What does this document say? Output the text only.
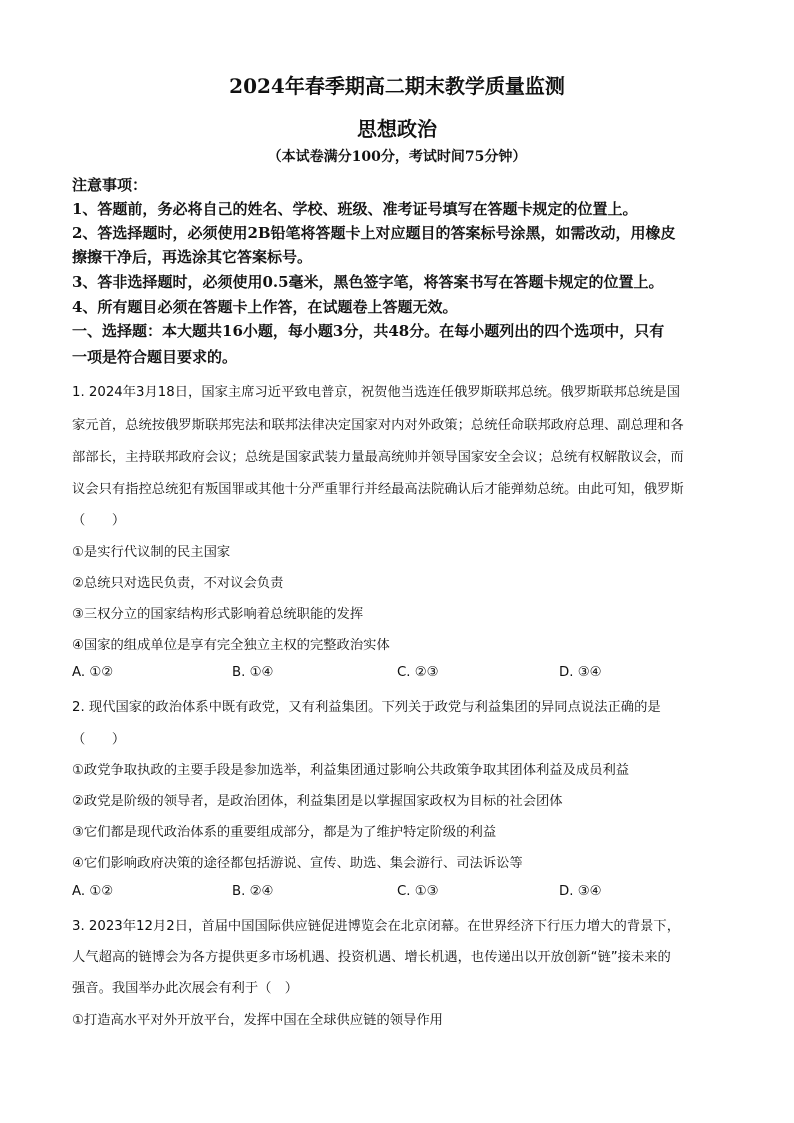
2024年春季期高二期末教学质量监测
思想政治
（本试卷满分100分，考试时间75分钟）
注意事项：
1、答题前，务必将自己的姓名、学校、班级、准考证号填写在答题卡规定的位置上。
2、答选择题时，必须使用2B铅笔将答题卡上对应题目的答案标号涂黑，如需改动，用橡皮
擦擦干净后，再选涂其它答案标号。
3、答非选择题时，必须使用0.5毫米，黑色签字笔，将答案书写在答题卡规定的位置上。
4、所有题目必须在答题卡上作答，在试题卷上答题无效。
一、选择题：本大题共16小题，每小题3分，共48分。在每小题列出的四个选项中，只有
一项是符合题目要求的。
1. 2024年3月18日，国家主席习近平致电普京，祝贺他当选连任俄罗斯联邦总统。俄罗斯联邦总统是国
家元首，总统按俄罗斯联邦宪法和联邦法律决定国家对内对外政策；总统任命联邦政府总理、副总理和各
部部长，主持联邦政府会议；总统是国家武装力量最高统帅并领导国家安全会议；总统有权解散议会，而
议会只有指控总统犯有叛国罪或其他十分严重罪行并经最高法院确认后才能弹劾总统。由此可知，俄罗斯
（　　）
①是实行代议制的民主国家
②总统只对选民负责，不对议会负责
③三权分立的国家结构形式影响着总统职能的发挥
④国家的组成单位是享有完全独立主权的完整政治实体
A. ①②	B. ①④	C. ②③	D. ③④
2. 现代国家的政治体系中既有政党，又有利益集团。下列关于政党与利益集团的异同点说法正确的是
（　　）
①政党争取执政的主要手段是参加选举，利益集团通过影响公共政策争取其团体利益及成员利益
②政党是阶级的领导者，是政治团体，利益集团是以掌握国家政权为目标的社会团体
③它们都是现代政治体系的重要组成部分，都是为了维护特定阶级的利益
④它们影响政府决策的途径都包括游说、宣传、助选、集会游行、司法诉讼等
A. ①②	B. ②④	C. ①③	D. ③④
3. 2023年12月2日，首届中国国际供应链促进博览会在北京闭幕。在世界经济下行压力增大的背景下，
人气超高的链博会为各方提供更多市场机遇、投资机遇、增长机遇，也传递出以开放创新“链”接未来的
强音。我国举办此次展会有利于（　）
①打造高水平对外开放平台，发挥中国在全球供应链的领导作用
